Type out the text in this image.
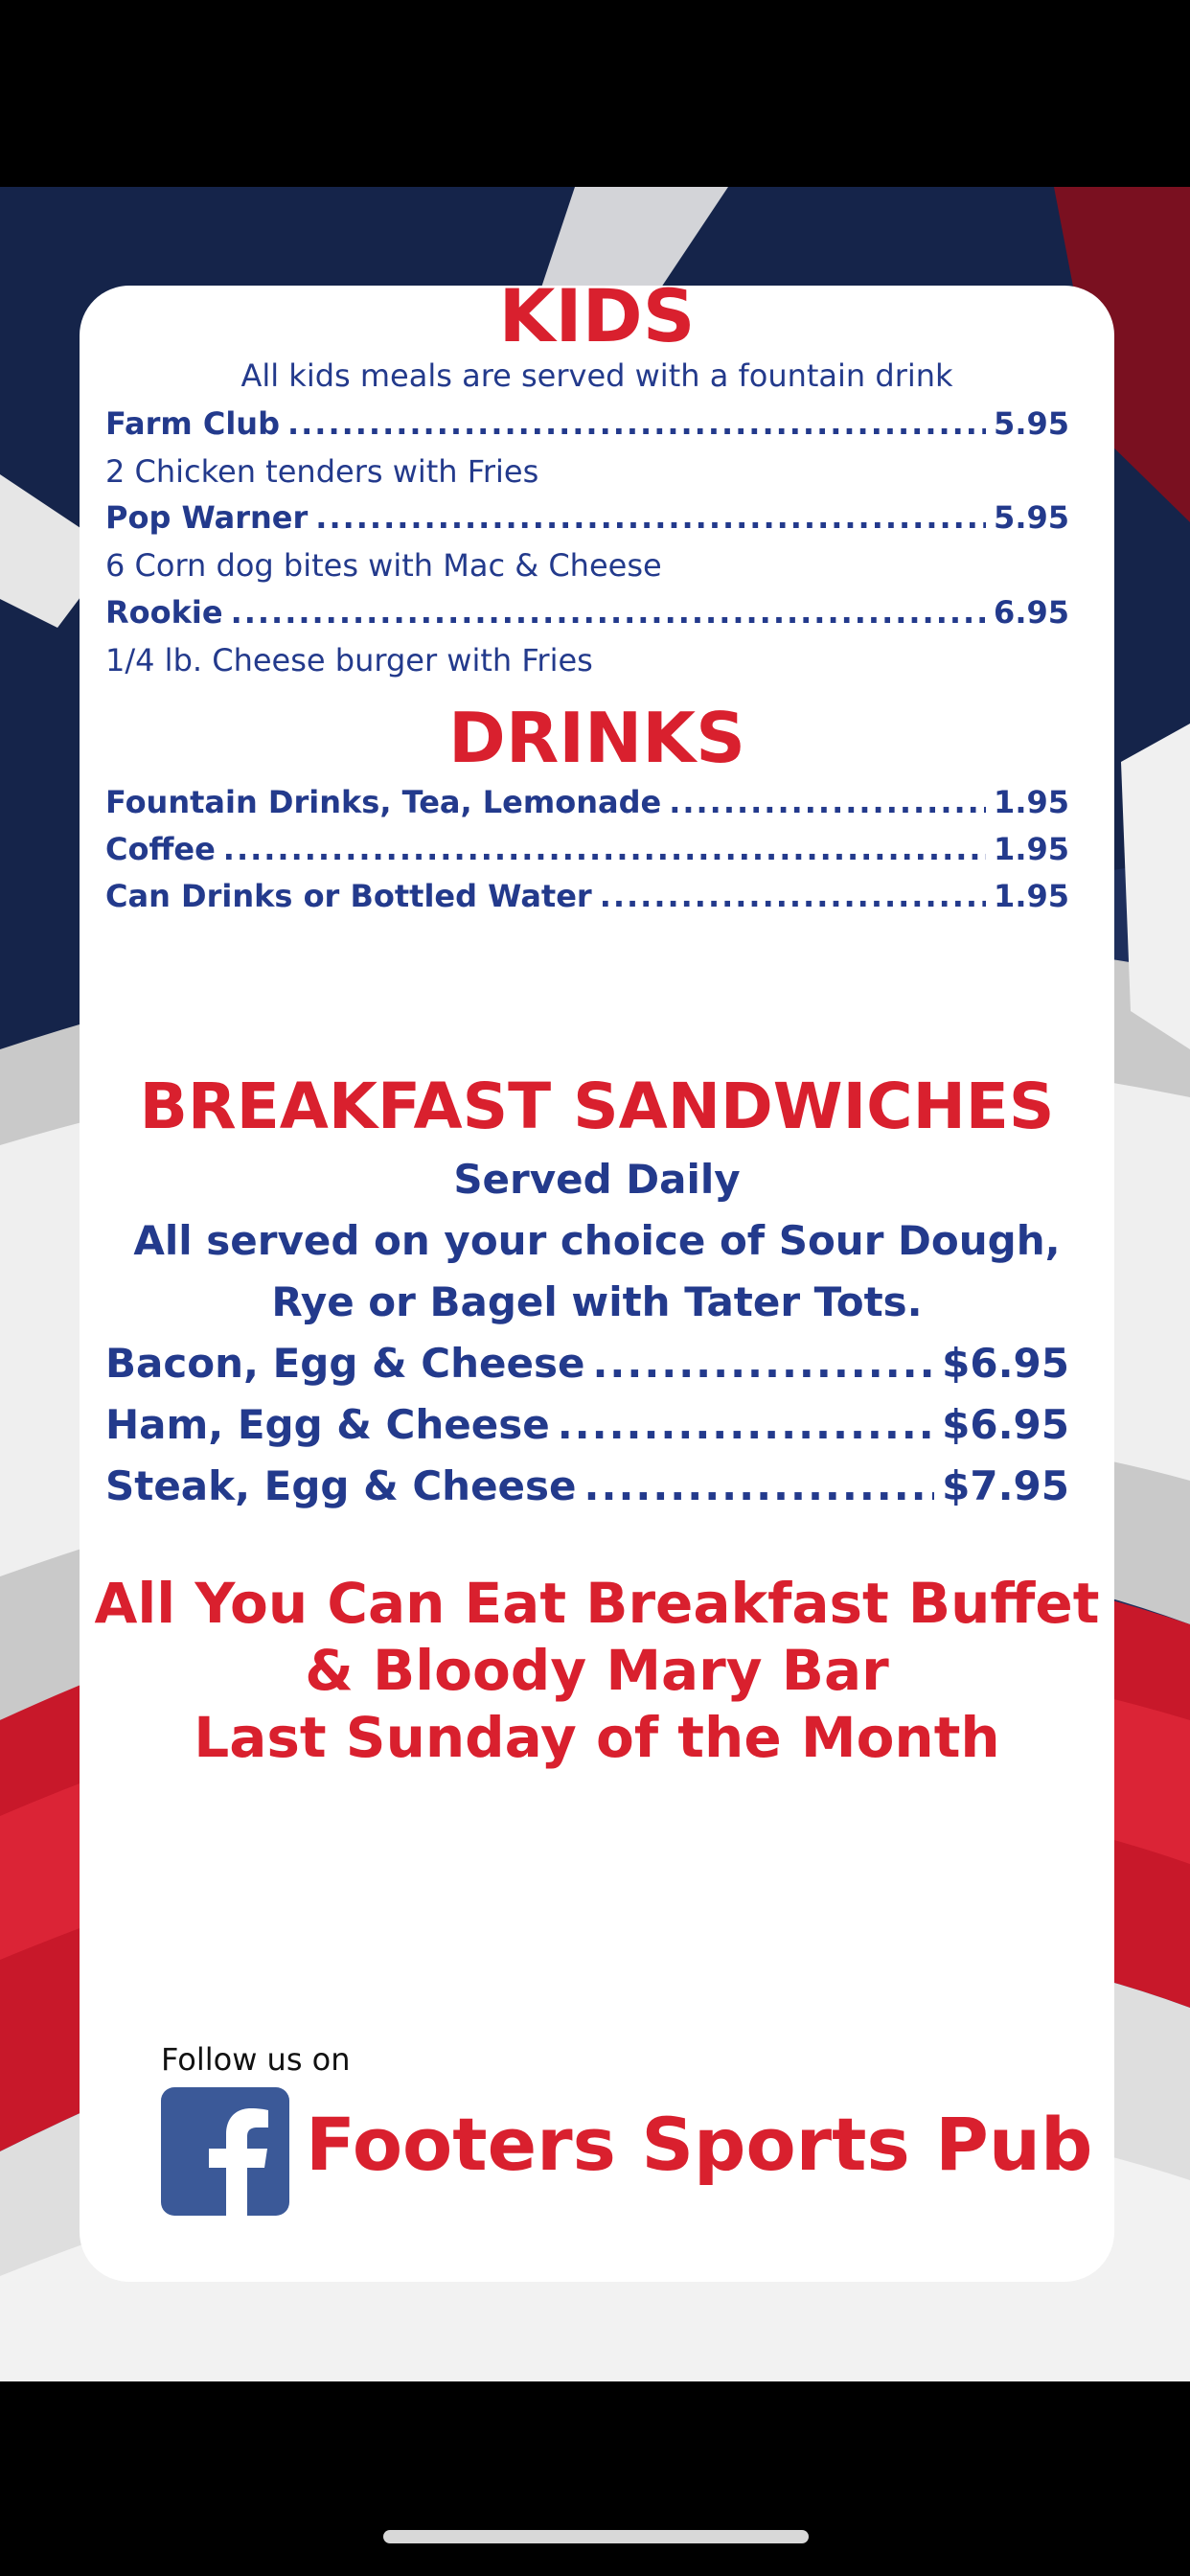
KIDS
All kids meals are served with a fountain drink
Farm Club .....	5.95
2 Chicken tenders with Fries
Pop Warner .....	5.95
6 Corn dog bites with Mac & Cheese
Rookie .....	6.95
1/4 lb. Cheese burger with Fries
DRINKS
Fountain Drinks, Tea, Lemonade .....	1.95
Coffee .....	1.95
Can Drinks or Bottled Water .....	1.95
BREAKFAST SANDWICHES
Served Daily
All served on your choice of Sour Dough,
Rye or Bagel with Tater Tots.
Bacon, Egg & Cheese .....	$6.95
Ham, Egg & Cheese .....	$6.95
Steak, Egg & Cheese .....	$7.95
All You Can Eat Breakfast Buffet
& Bloody Mary Bar
Last Sunday of the Month
Follow us on
Footers Sports Pub
